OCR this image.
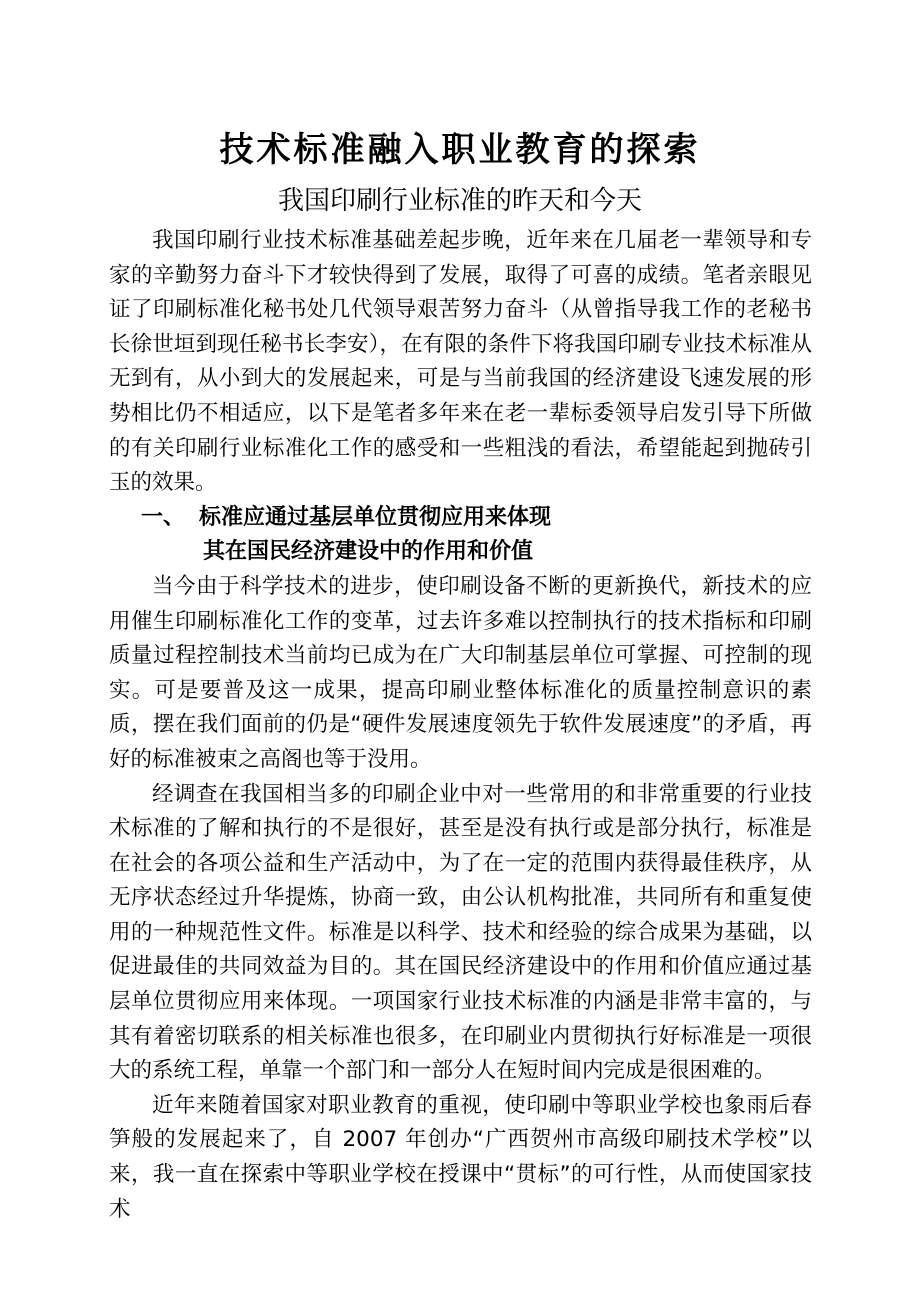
技术标准融入职业教育的探索
我国印刷行业标准的昨天和今天

我国印刷行业技术标准基础差起步晚，近年来在几届老一辈领导和专家的辛勤努力奋斗下才较快得到了发展，取得了可喜的成绩。笔者亲眼见证了印刷标准化秘书处几代领导艰苦努力奋斗（从曾指导我工作的老秘书长徐世垣到现任秘书长李安），在有限的条件下将我国印刷专业技术标准从无到有，从小到大的发展起来，可是与当前我国的经济建设飞速发展的形势相比仍不相适应，以下是笔者多年来在老一辈标委领导启发引导下所做的有关印刷行业标准化工作的感受和一些粗浅的看法，希望能起到抛砖引玉的效果。

一、 标准应通过基层单位贯彻应用来体现

其在国民经济建设中的作用和价值

当今由于科学技术的进步，使印刷设备不断的更新换代，新技术的应用催生印刷标准化工作的变革，过去许多难以控制执行的技术指标和印刷质量过程控制技术当前均已成为在广大印制基层单位可掌握、可控制的现实。可是要普及这一成果，提高印刷业整体标准化的质量控制意识的素质，摆在我们面前的仍是“硬件发展速度领先于软件发展速度”的矛盾，再好的标准被束之高阁也等于没用。

经调查在我国相当多的印刷企业中对一些常用的和非常重要的行业技术标准的了解和执行的不是很好，甚至是没有执行或是部分执行，标准是在社会的各项公益和生产活动中，为了在一定的范围内获得最佳秩序，从无序状态经过升华提炼，协商一致，由公认机构批准，共同所有和重复使用的一种规范性文件。标准是以科学、技术和经验的综合成果为基础，以促进最佳的共同效益为目的。其在国民经济建设中的作用和价值应通过基层单位贯彻应用来体现。一项国家行业技术标准的内涵是非常丰富的，与其有着密切联系的相关标准也很多，在印刷业内贯彻执行好标准是一项很大的系统工程，单靠一个部门和一部分人在短时间内完成是很困难的。

近年来随着国家对职业教育的重视，使印刷中等职业学校也象雨后春笋般的发展起来了，自 2007 年创办“广西贺州市高级印刷技术学校”以来，我一直在探索中等职业学校在授课中“贯标”的可行性，从而使国家技术
